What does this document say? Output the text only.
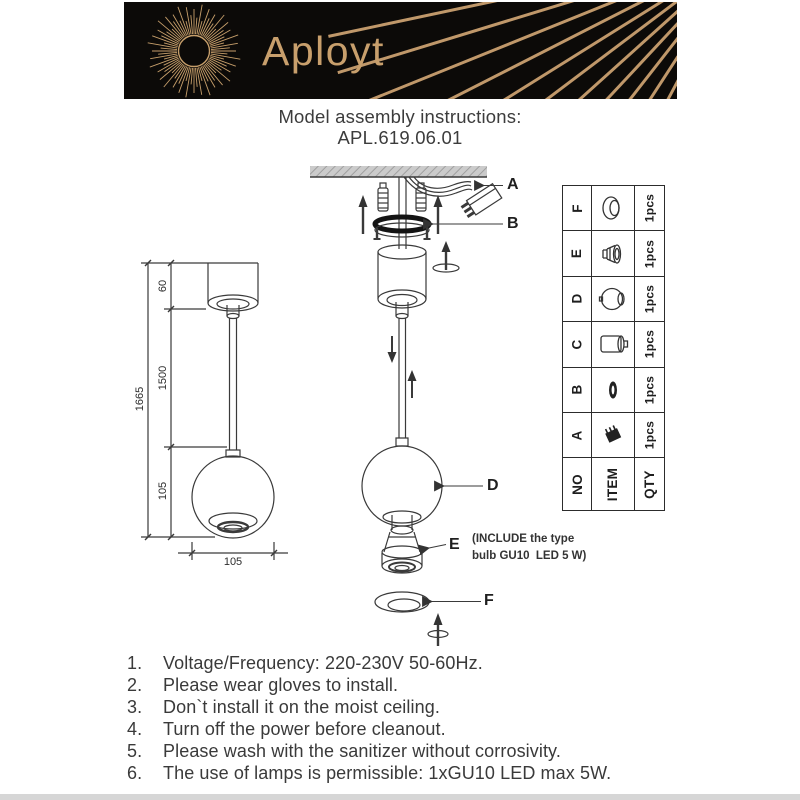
Aployt
Model assembly instructions:
APL.619.06.01
A
B
D
E
F
(INCLUDE the type
bulb GU10  LED 5 W)
1665
60
1500
105
105
F	1pcs
E	1pcs
D	1pcs
C	1pcs
B	1pcs
A	1pcs
NO ITEM QTY
1.	Voltage/Frequency: 220-230V 50-60Hz.
2.	Please wear gloves to install.
3.	Don`t install it on the moist ceiling.
4.	Turn off the power before cleanout.
5.	Please wash with the sanitizer without corrosivity.
6.	The use of lamps is permissible: 1xGU10 LED max 5W.
